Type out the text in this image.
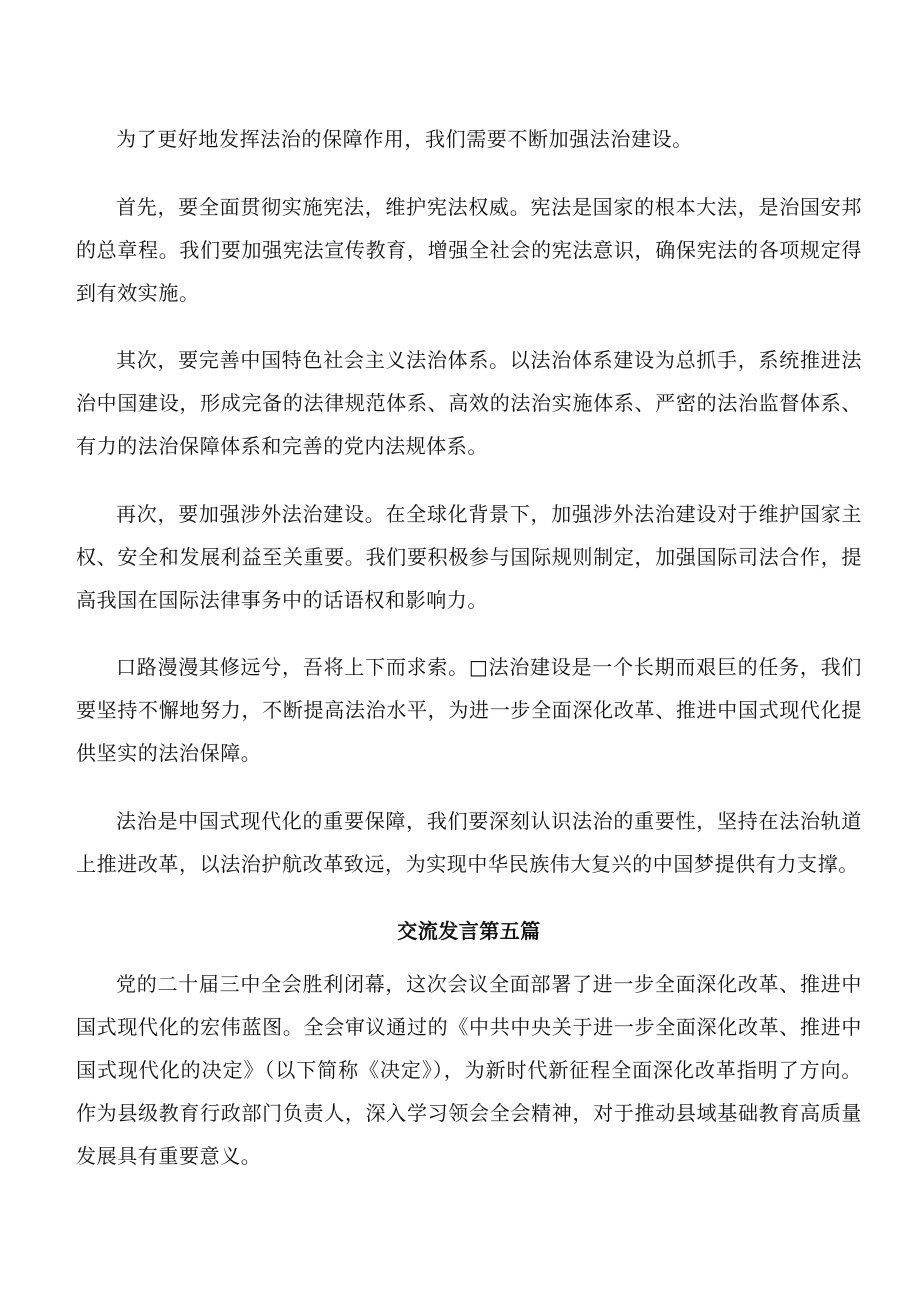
为了更好地发挥法治的保障作用，我们需要不断加强法治建设。

首先，要全面贯彻实施宪法，维护宪法权威。宪法是国家的根本大法，是治国安邦的总章程。我们要加强宪法宣传教育，增强全社会的宪法意识，确保宪法的各项规定得到有效实施。

其次，要完善中国特色社会主义法治体系。以法治体系建设为总抓手，系统推进法治中国建设，形成完备的法律规范体系、高效的法治实施体系、严密的法治监督体系、有力的法治保障体系和完善的党内法规体系。

再次，要加强涉外法治建设。在全球化背景下，加强涉外法治建设对于维护国家主权、安全和发展利益至关重要。我们要积极参与国际规则制定，加强国际司法合作，提高我国在国际法律事务中的话语权和影响力。

口路漫漫其修远兮，吾将上下而求索。□法治建设是一个长期而艰巨的任务，我们要坚持不懈地努力，不断提高法治水平，为进一步全面深化改革、推进中国式现代化提供坚实的法治保障。

法治是中国式现代化的重要保障，我们要深刻认识法治的重要性，坚持在法治轨道上推进改革，以法治护航改革致远，为实现中华民族伟大复兴的中国梦提供有力支撑。

交流发言第五篇

党的二十届三中全会胜利闭幕，这次会议全面部署了进一步全面深化改革、推进中国式现代化的宏伟蓝图。全会审议通过的《中共中央关于进一步全面深化改革、推进中国式现代化的决定》（以下简称《决定》），为新时代新征程全面深化改革指明了方向。作为县级教育行政部门负责人，深入学习领会全会精神，对于推动县域基础教育高质量发展具有重要意义。
